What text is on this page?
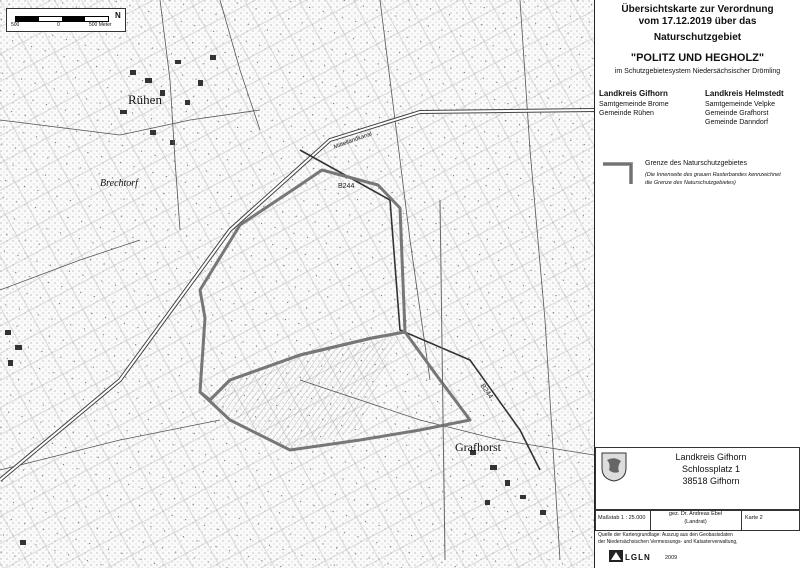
500	0	500 Meter
N
Rühen
Brechtorf
Grafhorst
B244
B244
Mittellandkanal
Übersichtskarte zur Verordnung
vom 17.12.2019 über das
Naturschutzgebiet
"POLITZ UND HEGHOLZ"
im Schutzgebietesystem Niedersächsischer Drömling
Landkreis Gifhorn
Samtgemeinde Brome
Gemeinde Rühen
Landkreis Helmstedt
Samtgemeinde Velpke
Gemeinde Grafhorst
Gemeinde Danndorf
Grenze des Naturschutzgebietes
(Die Innenseite des grauen Rasterbandes kennzeichnet
die Grenze des Naturschutzgebietes)
Landkreis Gifhorn
Schlossplatz 1
38518 Gifhorn
Maßstab 1 : 25.000
gez. Dr. Andreas Ebel
(Landrat)
Karte 2
Quelle der Kartengrundlage: Auszug aus den Geobasisdaten
der Niedersächsischen Vermessungs- und Katasterverwaltung,
LGLN	2009
